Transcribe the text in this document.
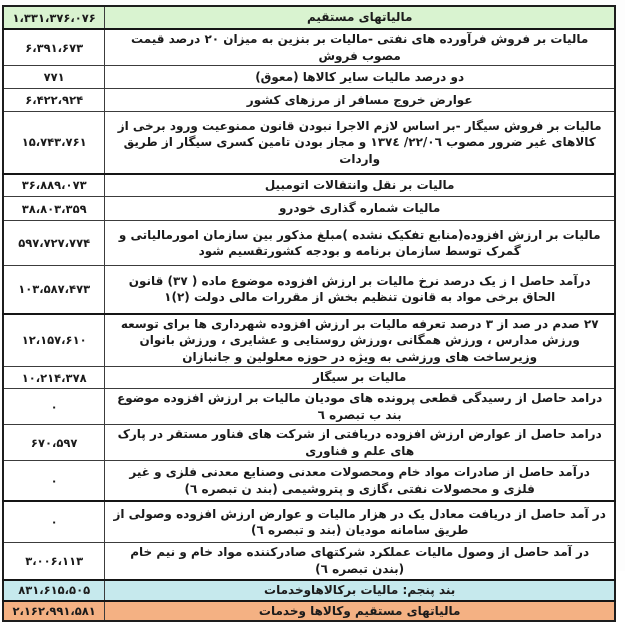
مالیاتهای مستقیم	۱،۳۳۱،۳۷۶،۰۷۶
مالیات بر فروش فرآورده های نفتی -مالیات بر بنزین به میزان ۲۰ درصد قیمت مصوب فروش	۶،۳۹۱،۶۷۳
دو درصد مالیات سایر کالاها (معوق)	۷۷۱
عوارض خروج مسافر از مرزهای کشور	۶،۴۲۲،۹۲۴
مالیات بر فروش سیگار -بر اساس لازم الاجرا نبودن قانون ممنوعیت ورود برخی از کالاهای غیر ضرور مصوب ٢٢/٠٦/ ١٣٧٤ و مجاز بودن تامین کسری سیگار از طریق واردات	۱۵،۷۴۳،۷۶۱
مالیات بر نقل وانتقالات اتومبیل	۳۶،۸۸۹،۰۷۳
مالیات شماره گذاری خودرو	۳۸،۸۰۳،۳۵۹
مالیات بر ارزش افزوده(منابع تفکیک نشده )مبلغ مذکور بین سازمان امورمالیاتی و گمرک توسط سازمان برنامه و بودجه کشورتقسیم شود	۵۹۷،۷۲۷،۷۷۴
درآمد حاصل ا ز یک درصد نرخ مالیات بر ارزش افزوده موضوع ماده ( ۳۷) قانون الحاق برخی مواد به قانون تنظیم بخش از مقررات مالی دولت (۲)۱	۱۰۳،۵۸۷،۴۷۳
۲۷ صدم در صد از ۳ درصد تعرفه مالیات بر ارزش افزوده شهرداری ها برای توسعه ورزش مدارس ، ورزش همگانی ،ورزش روستایی و عشایری ، ورزش بانوان وزیرساخت های ورزشی به ویژه در حوزه معلولین و جانبازان	۱۲،۱۵۷،۶۱۰
مالیات بر سیگار	۱۰،۲۱۴،۳۷۸
درامد حاصل از رسیدگی قطعی پرونده های مودیان مالیات بر ارزش افزوده موضوع بند ب تبصره ٦	۰
درامد حاصل از عوارض ارزش افزوده دریافتی از شرکت های فناور مستقر در پارک های علم و فناوری	۶۷۰،۵۹۷
درآمد حاصل از صادرات مواد خام ومحصولات معدنی وصنایع معدنی فلزی و غیر فلزی و محصولات نفتی ،گازی و پتروشیمی (بند ن تبصره ٦)	۰
در آمد حاصل از دریافت معادل یک در هزار مالیات و عوارض ارزش افزوده وصولی از طریق سامانه مودیان (بند و تبصره ٦)	۰
در آمد حاصل از وصول مالیات عملکرد شرکتهای صادرکننده مواد خام و نیم خام (بندن تبصره ٦)	۳،۰۰۶،۱۱۳
بند پنجم: مالیات برکالاهاوخدمات	۸۳۱،۶۱۵،۵۰۵
مالیاتهای مستقیم وکالاها وخدمات	۲،۱۶۲،۹۹۱،۵۸۱
